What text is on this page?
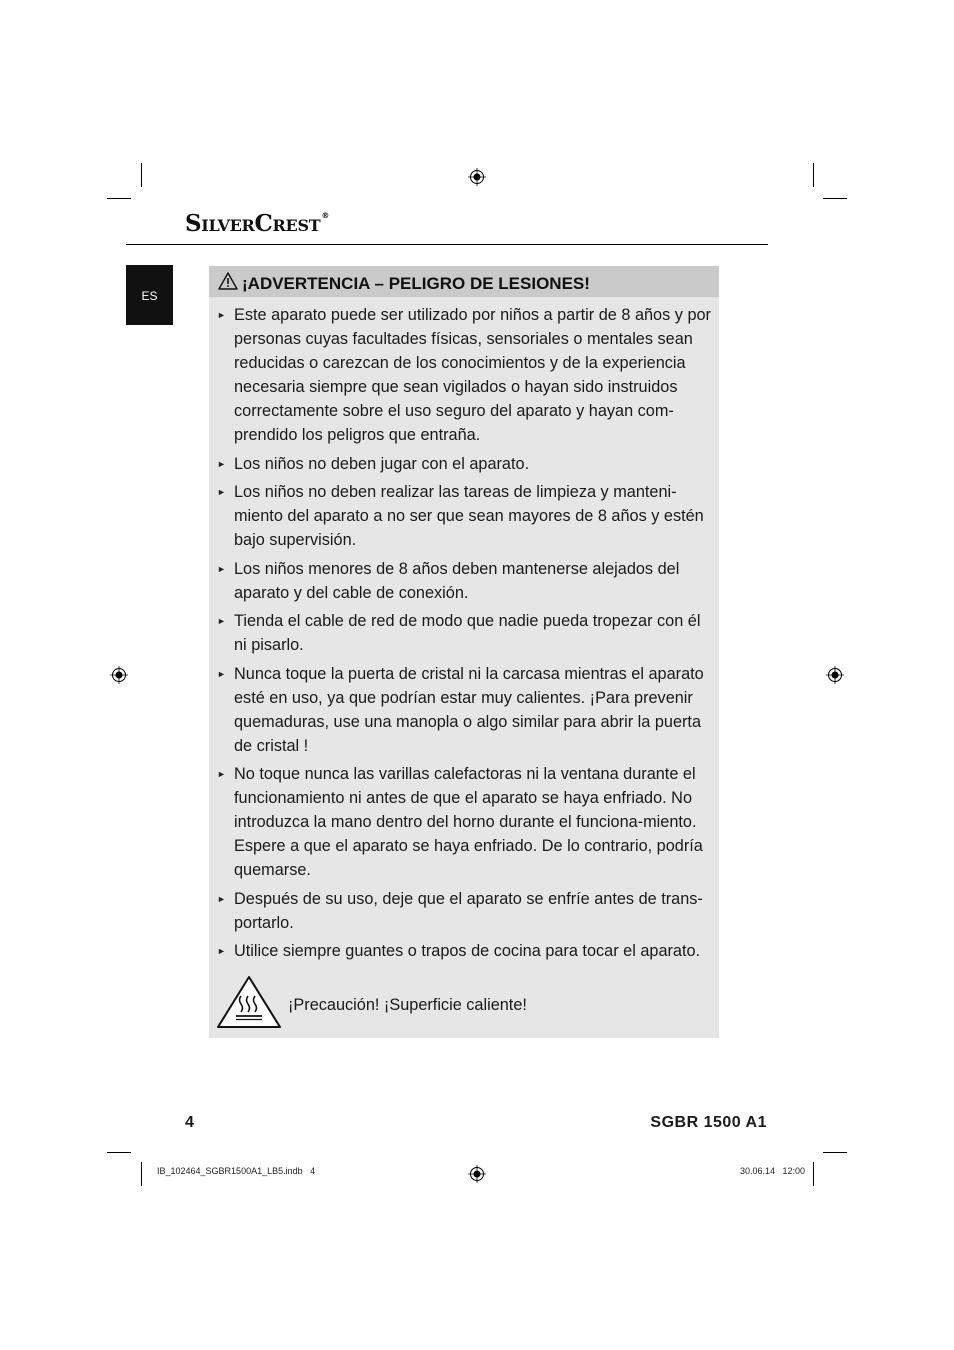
SilverCrest®
ES
¡ADVERTENCIA – PELIGRO DE LESIONES!
► Este aparato puede ser utilizado por niños a partir de 8 años y por personas cuyas facultades físicas, sensoriales o mentales sean reducidas o carezcan de los conocimientos y de la experiencia necesaria siempre que sean vigilados o hayan sido instruidos correctamente sobre el uso seguro del aparato y hayan com-prendido los peligros que entraña.
► Los niños no deben jugar con el aparato.
► Los niños no deben realizar las tareas de limpieza y manteni-miento del aparato a no ser que sean mayores de 8 años y estén bajo supervisión.
► Los niños menores de 8 años deben mantenerse alejados del aparato y del cable de conexión.
► Tienda el cable de red de modo que nadie pueda tropezar con él ni pisarlo.
► Nunca toque la puerta de cristal ni la carcasa mientras el aparato esté en uso, ya que podrían estar muy calientes. ¡Para prevenir quemaduras, use una manopla o algo similar para abrir la puerta de cristal !
► No toque nunca las varillas calefactoras ni la ventana durante el funcionamiento ni antes de que el aparato se haya enfriado. No introduzca la mano dentro del horno durante el funciona-miento. Espere a que el aparato se haya enfriado. De lo contrario, podría quemarse.
► Después de su uso, deje que el aparato se enfríe antes de trans-portarlo.
► Utilice siempre guantes o trapos de cocina para tocar el aparato.
¡Precaución! ¡Superficie caliente!
4	SGBR 1500 A1
IB_102464_SGBR1500A1_LB5.indb   4	30.06.14   12:00
